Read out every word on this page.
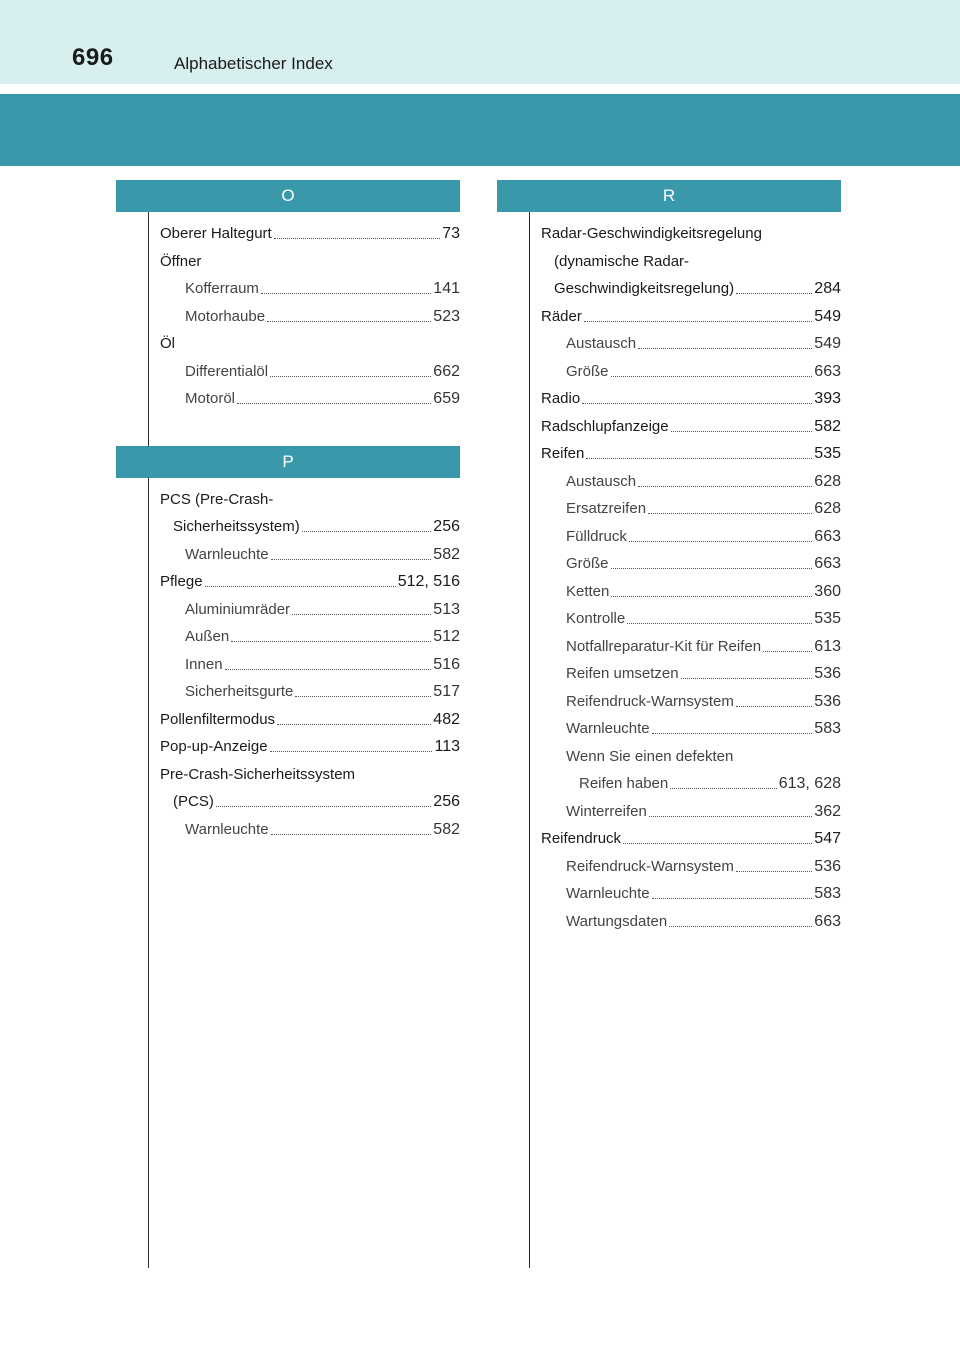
696	Alphabetischer Index
O
Oberer Haltegurt	73
Öffner
Kofferraum	141
Motorhaube	523
Öl
Differentialöl	662
Motoröl	659
P
PCS (Pre-Crash-
Sicherheitssystem)	256
Warnleuchte	582
Pflege	512, 516
Aluminiumräder	513
Außen	512
Innen	516
Sicherheitsgurte	517
Pollenfiltermodus	482
Pop-up-Anzeige	113
Pre-Crash-Sicherheitssystem
(PCS)	256
Warnleuchte	582
R
Radar-Geschwindigkeitsregelung
(dynamische Radar-
Geschwindigkeitsregelung)	284
Räder	549
Austausch	549
Größe	663
Radio	393
Radschlupfanzeige	582
Reifen	535
Austausch	628
Ersatzreifen	628
Fülldruck	663
Größe	663
Ketten	360
Kontrolle	535
Notfallreparatur-Kit für Reifen	613
Reifen umsetzen	536
Reifendruck-Warnsystem	536
Warnleuchte	583
Wenn Sie einen defekten
Reifen haben	613, 628
Winterreifen	362
Reifendruck	547
Reifendruck-Warnsystem	536
Warnleuchte	583
Wartungsdaten	663
